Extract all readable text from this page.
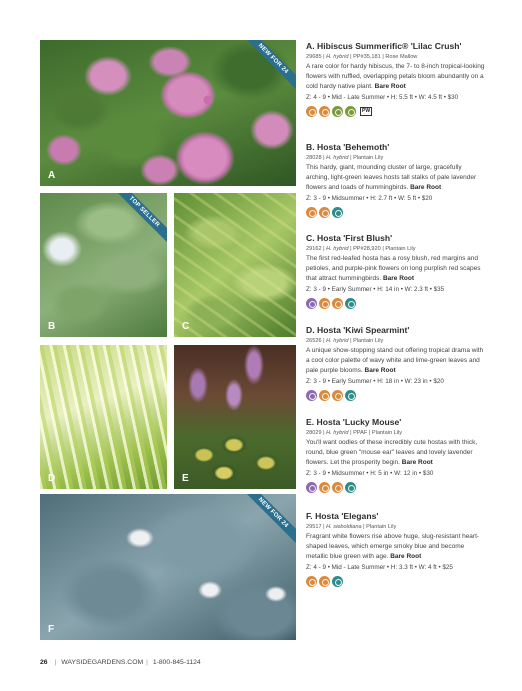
NEW FOR 24
A
TOP SELLER
B	C
D	E
NEW FOR 24
F
A. Hibiscus Summerific® 'Lilac Crush'
29685 | H. hybrid | PP#35,181 | Rose Mallow

A rare color for hardy hibiscus, the 7- to 8-inch tropical-looking flowers with ruffled, overlapping petals bloom abundantly on a cold hardy native plant. Bare Root

Z: 4 - 9 • Mid - Late Summer • H: 5.5 ft • W: 4.5 ft • $30
PW
B. Hosta 'Behemoth'
28028 | H. hybrid | Plantain Lily

This hardy, giant, mounding cluster of large, gracefully arching, light-green leaves hosts tall stalks of pale lavender flowers and loads of hummingbirds. Bare Root

Z: 3 - 9 • Midsummer • H: 2.7 ft • W: 5 ft • $20
C. Hosta 'First Blush'
29162 | H. hybrid | PP#28,920 | Plantain Lily

The first red-leafed hosta has a rosy blush, red margins and petioles, and purple-pink flowers on long purplish red scapes that attract hummingbirds. Bare Root

Z: 3 - 9 • Early Summer • H: 14 in • W: 2.3 ft • $35
D. Hosta 'Kiwi Spearmint'
26526 | H. hybrid | Plantain Lily

A unique show-stopping stand out offering tropical drama with a cool color palette of wavy white and lime-green leaves and pale purple blooms. Bare Root

Z: 3 - 9 • Early Summer • H: 18 in • W: 23 in • $20
E. Hosta 'Lucky Mouse'
28029 | H. hybrid | PPAF | Plantain Lily

You'll want oodles of these incredibly cute hostas with thick, round, blue green "mouse ear" leaves and lovely lavender flowers. Let the prosperity begin. Bare Root

Z: 3 - 9 • Midsummer • H: 5 in • W: 12 in • $30
F. Hosta 'Elegans'
29517 | H. sieboldiana | Plantain Lily

Fragrant white flowers rise above huge, slug-resistant heart-shaped leaves, which emerge smoky blue and become metallic blue green with age. Bare Root

Z: 4 - 9 • Mid - Late Summer • H: 3.3 ft • W: 4 ft • $25
26 | WAYSIDEGARDENS.COM | 1-800-845-1124
